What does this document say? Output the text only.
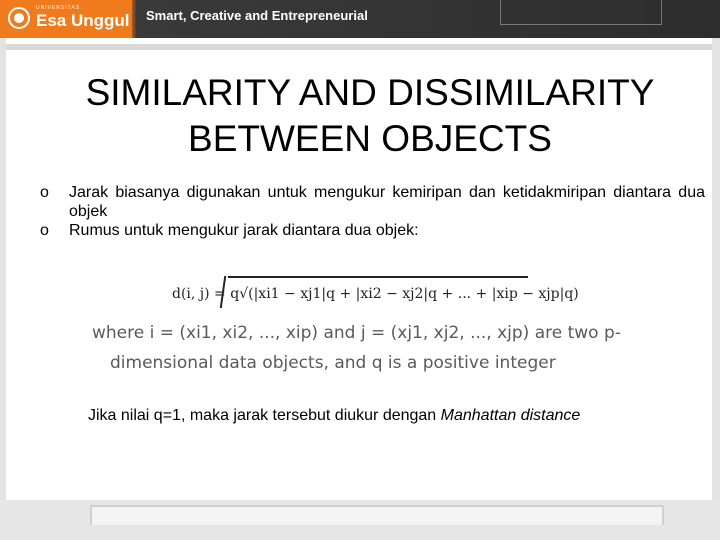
UNIVERSITAS
Esa Unggul Smart, Creative and Entrepreneurial
SIMILARITY AND DISSIMILARITY
BETWEEN OBJECTS
o Jarak biasanya digunakan untuk mengukur kemiripan dan ketidakmiripan diantara dua objek
o Rumus untuk mengukur jarak diantara dua objek:
d(i, j) = q√(|xi1 − xj1|q + |xi2 − xj2|q + ... + |xip − xjp|q)
where i = (xi1, xi2, ..., xip) and j = (xj1, xj2, ..., xjp) are two p-
dimensional data objects, and q is a positive integer
Jika nilai q=1, maka jarak tersebut diukur dengan Manhattan distance
